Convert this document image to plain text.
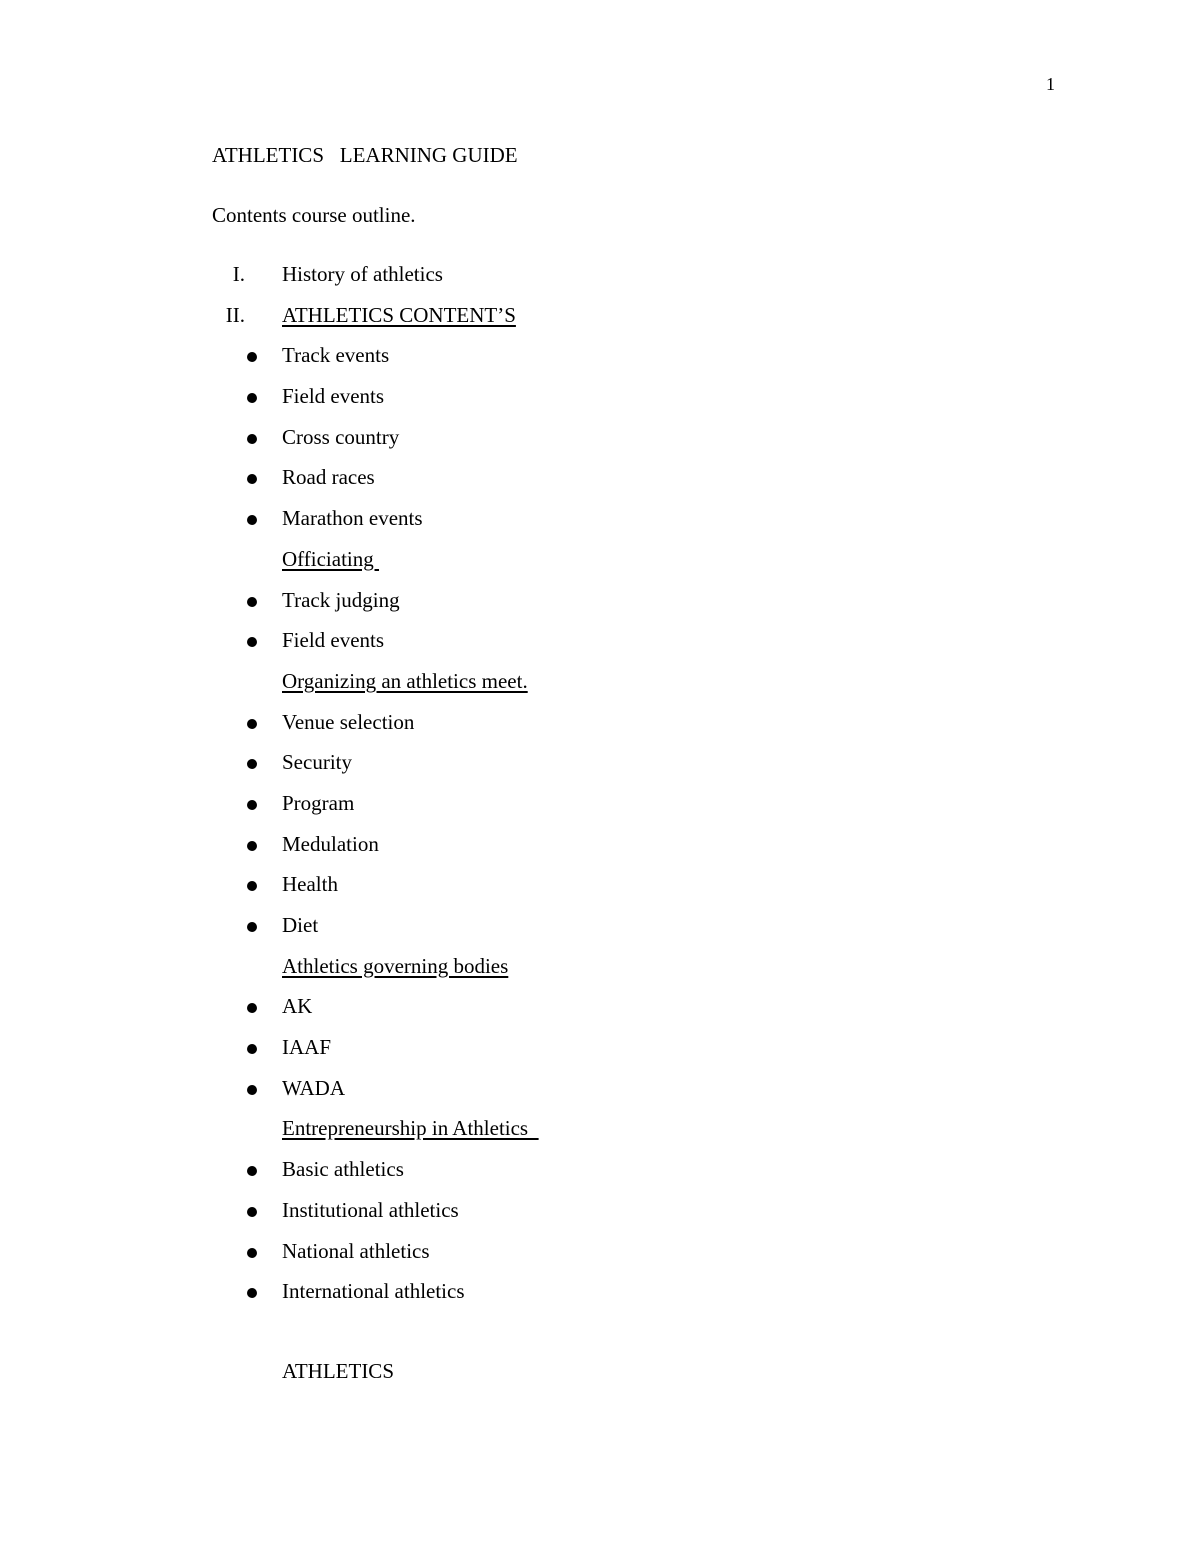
1
ATHLETICS   LEARNING GUIDE
Contents course outline.
I. History of athletics
II. ATHLETICS CONTENT’S
Track events
Field events
Cross country
Road races
Marathon events
Officiating
Track judging
Field events
Organizing an athletics meet.
Venue selection
Security
Program
Medulation
Health
Diet
Athletics governing bodies
AK
IAAF
WADA
Entrepreneurship in Athletics
Basic athletics
Institutional athletics
National athletics
International athletics
ATHLETICS
